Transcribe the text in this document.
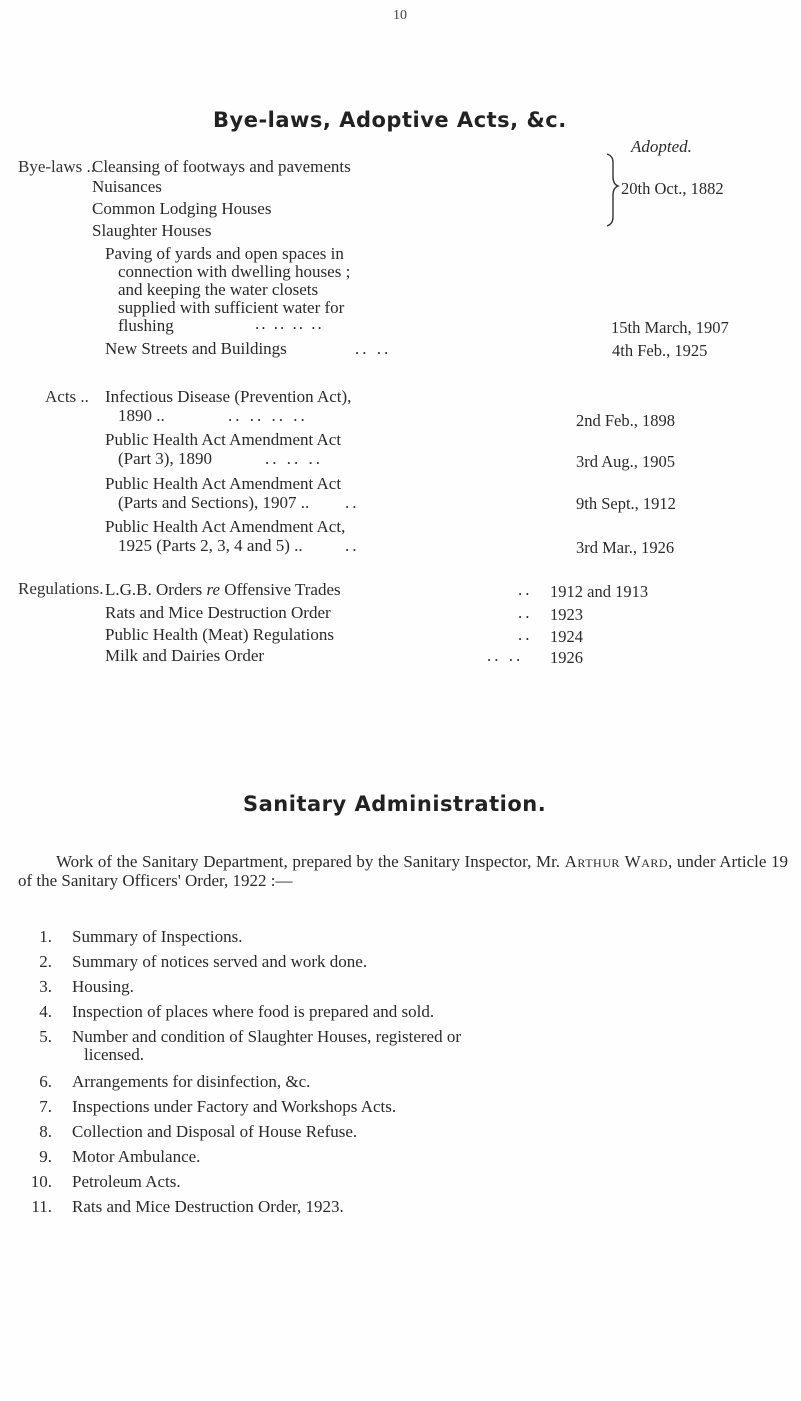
10
Bye-laws, Adoptive Acts, &c.
Adopted.
Bye-laws ..
Cleansing of footways and pavements
Nuisances
Common Lodging Houses
Slaughter Houses
20th Oct., 1882
Paving of yards and open spaces in
connection with dwelling houses ;
and keeping the water closets
supplied with sufficient water for
flushing	.. .. .. ..	15th March, 1907
New Streets and Buildings	.. ..	4th Feb., 1925
Acts .. Infectious Disease (Prevention Act),
1890 ..	.. .. .. ..	2nd Feb., 1898
Public Health Act Amendment Act
(Part 3), 1890	.. .. ..	3rd Aug., 1905
Public Health Act Amendment Act
(Parts and Sections), 1907 .. ..	9th Sept., 1912
Public Health Act Amendment Act,
1925 (Parts 2, 3, 4 and 5) .. ..	3rd Mar., 1926
Regulations. L.G.B. Orders re Offensive Trades	.. 1912 and 1913
Rats and Mice Destruction Order	.. 1923
Public Health (Meat) Regulations	.. 1924
Milk and Dairies Order	.. .. 1926
Sanitary Administration.
Work of the Sanitary Department, prepared by the Sanitary Inspector, Mr. Arthur Ward, under Article 19 of the Sanitary Officers' Order, 1922 :—
1. Summary of Inspections.
2. Summary of notices served and work done.
3. Housing.
4. Inspection of places where food is prepared and sold.
5. Number and condition of Slaughter Houses, registered or
licensed.
6. Arrangements for disinfection, &c.
7. Inspections under Factory and Workshops Acts.
8. Collection and Disposal of House Refuse.
9. Motor Ambulance.
10. Petroleum Acts.
11. Rats and Mice Destruction Order, 1923.
